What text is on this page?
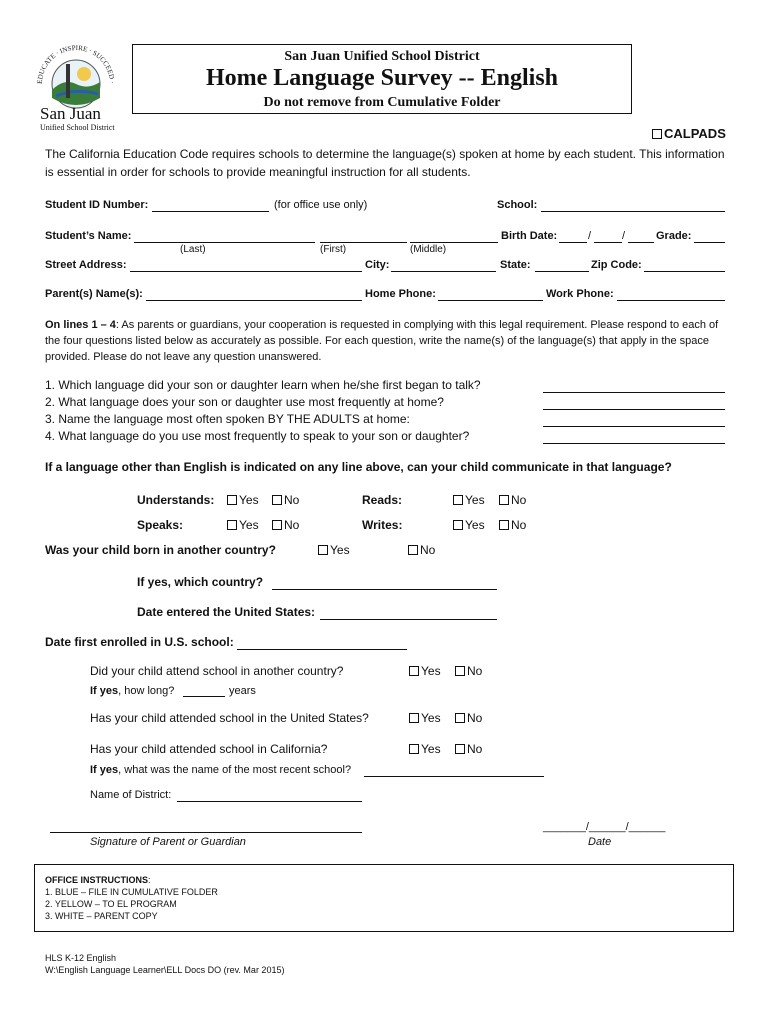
EDUCATE · INSPIRE · SUCCEED ·
San Juan
Unified School District
San Juan Unified School District
Home Language Survey -- English
Do not remove from Cumulative Folder
CALPADS
The California Education Code requires schools to determine the language(s) spoken at home by each student. This information is essential in order for schools to provide meaningful instruction for all students.
Student ID Number:	(for office use only)	School:
Student’s Name:
(Last)	(First)	(Middle)
Birth Date:	/	/	Grade:
Street Address:	City:	State:	Zip Code:
Parent(s) Name(s):	Home Phone:	Work Phone:
On lines 1 – 4: As parents or guardians, your cooperation is requested in complying with this legal requirement. Please respond to each of the four questions listed below as accurately as possible. For each question, write the name(s) of the language(s) that apply in the space provided. Please do not leave any question unanswered.
1. Which language did your son or daughter learn when he/she first began to talk?
2. What language does your son or daughter use most frequently at home?
3. Name the language most often spoken BY THE ADULTS at home:
4. What language do you use most frequently to speak to your son or daughter?
If a language other than English is indicated on any line above, can your child communicate in that language?
Understands:	Yes	No	Reads:	Yes	No
Speaks:	Yes	No	Writes:	Yes	No
Was your child born in another country?	Yes	No
If yes, which country?
Date entered the United States:
Date first enrolled in U.S. school:
Did your child attend school in another country?	Yes	No
If yes, how long?	years
Has your child attended school in the United States?	Yes	No
Has your child attended school in California?	Yes	No
If yes, what was the name of the most recent school?
Name of District:
Signature of Parent or Guardian
_______/______/______
Date
OFFICE INSTRUCTIONS:
1. BLUE – FILE IN CUMULATIVE FOLDER
2. YELLOW – TO EL PROGRAM
3. WHITE – PARENT COPY
HLS K-12 English
W:\English Language Learner\ELL Docs DO (rev. Mar 2015)
